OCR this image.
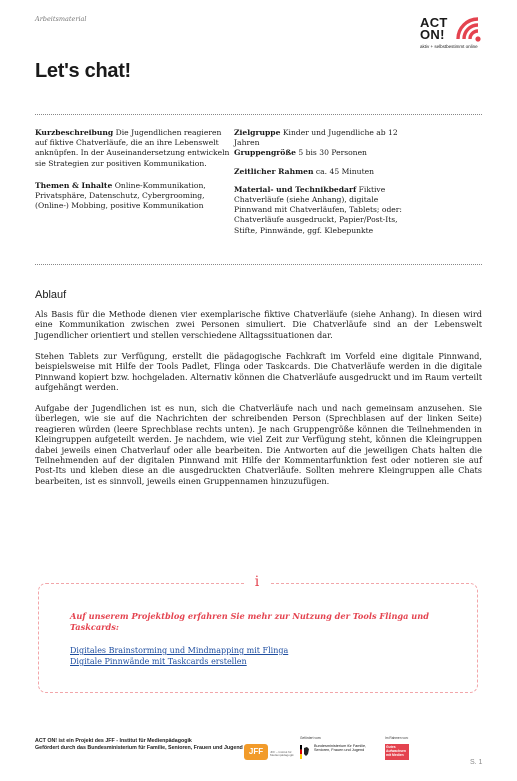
Arbeitsmaterial	ACT
ON!
aktiv + selbstbestimmt online
Let's chat!

Kurzbeschreibung Die Jugendlichen reagieren auf fiktive Chatverläufe, die an ihre Lebenswelt anknüpfen. In der Auseinandersetzung entwickeln sie Strategien zur positiven Kommunikation.

Themen & Inhalte Online-Kommunikation, Privatsphäre, Datenschutz, Cybergrooming, (Online-) Mobbing, positive Kommunikation

Zielgruppe Kinder und Jugendliche ab 12 Jahren

Gruppengröße 5 bis 30 Personen

Zeitlicher Rahmen ca. 45 Minuten

Material- und Technikbedarf Fiktive Chatverläufe (siehe Anhang), digitale Pinnwand mit Chatverläufen, Tablets; oder: Chatverläufe ausgedruckt, Papier/Post-Its, Stifte, Pinnwände, ggf. Klebepunkte

Ablauf

Als Basis für die Methode dienen vier exemplarische fiktive Chatverläufe (siehe Anhang). In diesen wird eine Kommunikation zwischen zwei Personen simuliert. Die Chatverläufe sind an der Lebenswelt Jugendlicher orientiert und stellen verschiedene Alltagssituationen dar.

Stehen Tablets zur Verfügung, erstellt die pädagogische Fachkraft im Vorfeld eine digitale Pinnwand, beispielsweise mit Hilfe der Tools Padlet, Flinga oder Taskcards. Die Chatverläufe werden in die digitale Pinnwand kopiert bzw. hochgeladen. Alternativ können die Chatverläufe ausgedruckt und im Raum verteilt aufgehängt werden.

Aufgabe der Jugendlichen ist es nun, sich die Chatverläufe nach und nach gemeinsam anzusehen. Sie überlegen, wie sie auf die Nachrichten der schreibenden Person (Sprechblasen auf der linken Seite) reagieren würden (leere Sprechblase rechts unten). Je nach Gruppengröße können die Teilnehmenden in Kleingruppen aufgeteilt werden. Je nachdem, wie viel Zeit zur Verfügung steht, können die Kleingruppen dabei jeweils einen Chatverlauf oder alle bearbeiten. Die Antworten auf die jeweiligen Chats halten die Teilnehmenden auf der digitalen Pinnwand mit Hilfe der Kommentarfunktion fest oder notieren sie auf Post-Its und kleben diese an die ausgedruckten Chatverläufe. Sollten mehrere Kleingruppen alle Chats bearbeiten, ist es sinnvoll, jeweils einen Gruppennamen hinzuzufügen.

i
Auf unserem Projektblog erfahren Sie mehr zur Nutzung der Tools Flinga und Taskcards:
Digitales Brainstorming und Mindmapping mit Flinga
Digitale Pinnwände mit Taskcards erstellen
ACT ON! ist ein Projekt des JFF - Institut für Medienpädagogik
Gefördert durch das Bundesministerium für Familie, Senioren, Frauen und Jugend JFF	JFF – Institut für Medienpädagogik
Gefördert vom:
Bundesministerium für Familie, Senioren, Frauen und Jugend
Im Rahmen von:
Gutes Aufwachsen mit Medien
S. 1
